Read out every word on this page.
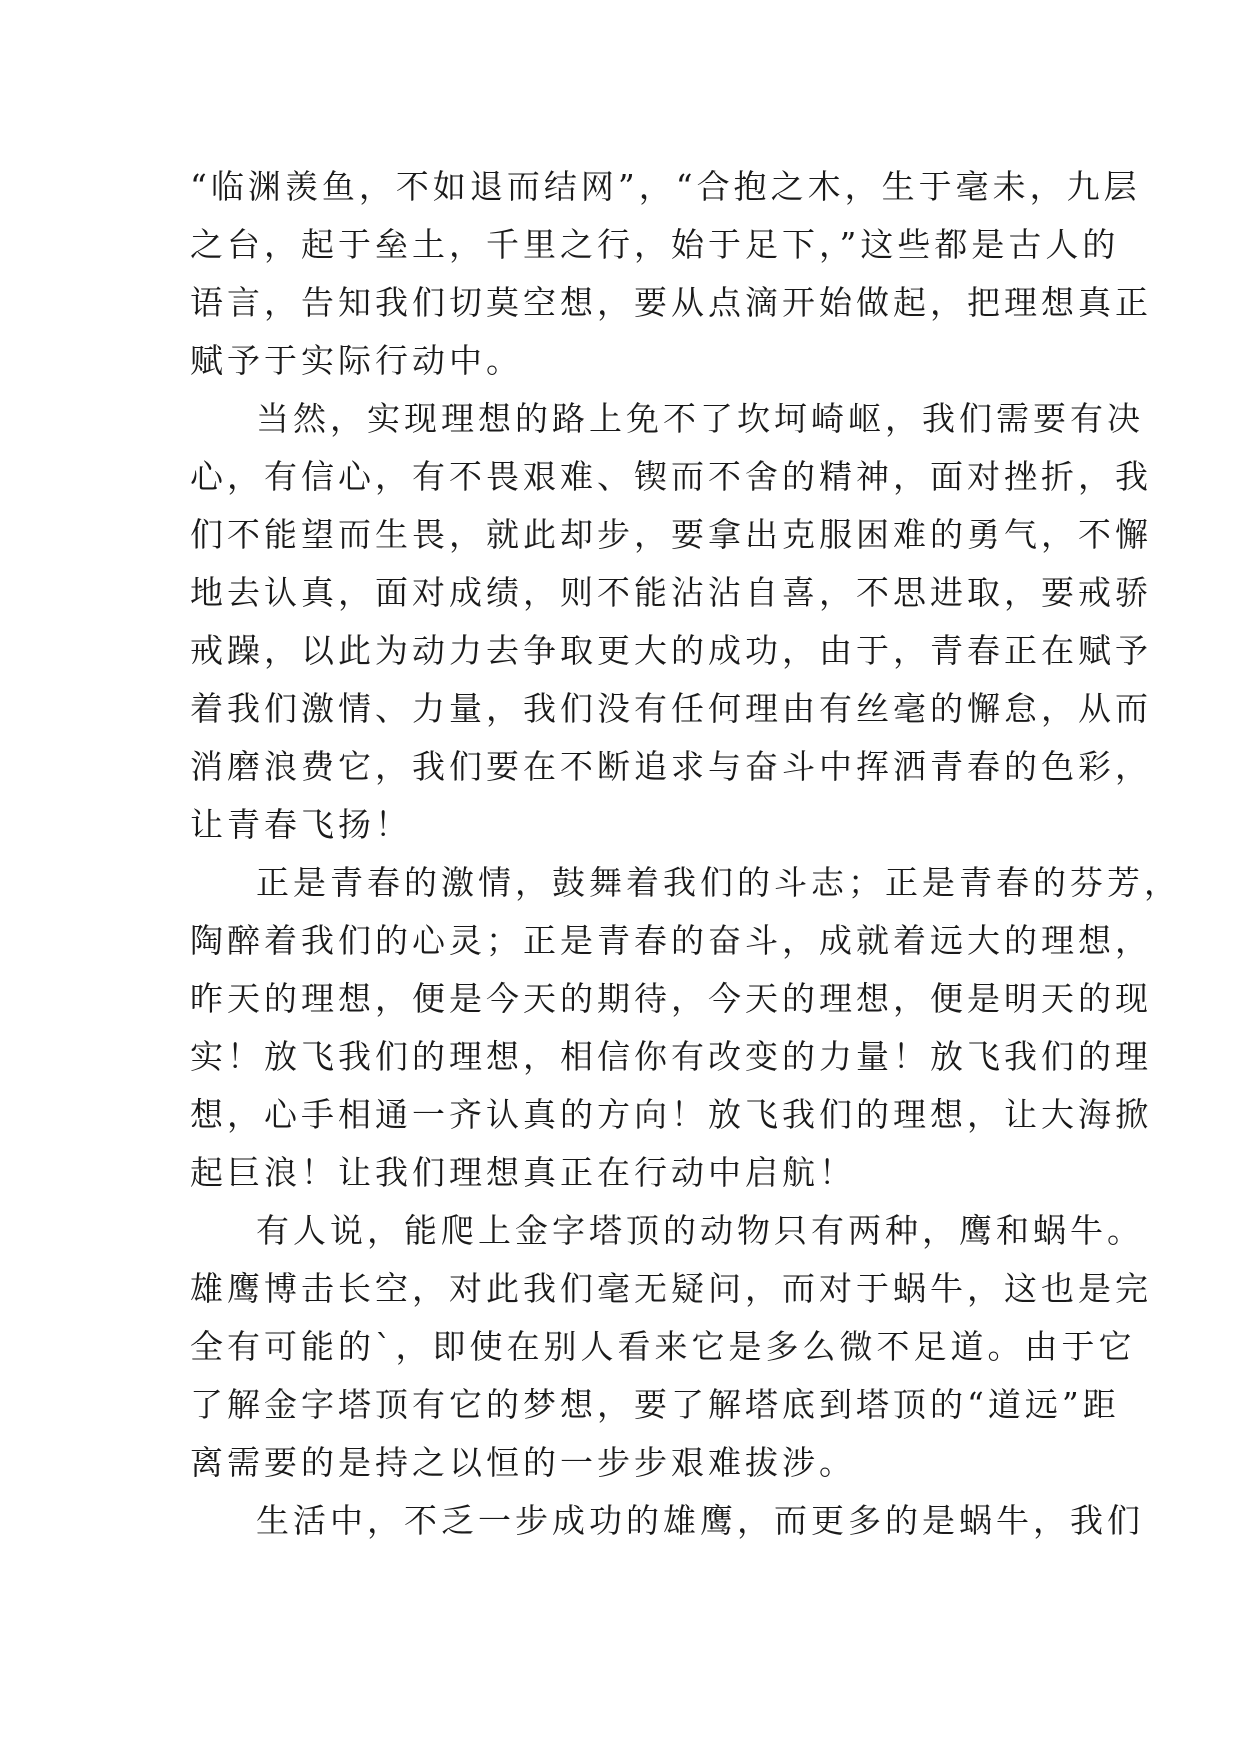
“临渊羡鱼，不如退而结网”，“合抱之木，生于毫未，九层
之台，起于垒土，千里之行，始于足下，”这些都是古人的
语言，告知我们切莫空想，要从点滴开始做起，把理想真正
赋予于实际行动中。
当然，实现理想的路上免不了坎坷崎岖，我们需要有决
心，有信心，有不畏艰难、锲而不舍的精神，面对挫折，我
们不能望而生畏，就此却步，要拿出克服困难的勇气，不懈
地去认真，面对成绩，则不能沾沾自喜，不思进取，要戒骄
戒躁，以此为动力去争取更大的成功，由于，青春正在赋予
着我们激情、力量，我们没有任何理由有丝毫的懈怠，从而
消磨浪费它，我们要在不断追求与奋斗中挥洒青春的色彩，
让青春飞扬！
正是青春的激情，鼓舞着我们的斗志；正是青春的芬芳，
陶醉着我们的心灵；正是青春的奋斗，成就着远大的理想，
昨天的理想，便是今天的期待，今天的理想，便是明天的现
实！放飞我们的理想，相信你有改变的力量！放飞我们的理
想，心手相通一齐认真的方向！放飞我们的理想，让大海掀
起巨浪！让我们理想真正在行动中启航！
有人说，能爬上金字塔顶的动物只有两种，鹰和蜗牛。
雄鹰博击长空，对此我们毫无疑问，而对于蜗牛，这也是完
全有可能的`，即使在别人看来它是多么微不足道。由于它
了解金字塔顶有它的梦想，要了解塔底到塔顶的“道远”距
离需要的是持之以恒的一步步艰难拔涉。
生活中，不乏一步成功的雄鹰，而更多的是蜗牛，我们
